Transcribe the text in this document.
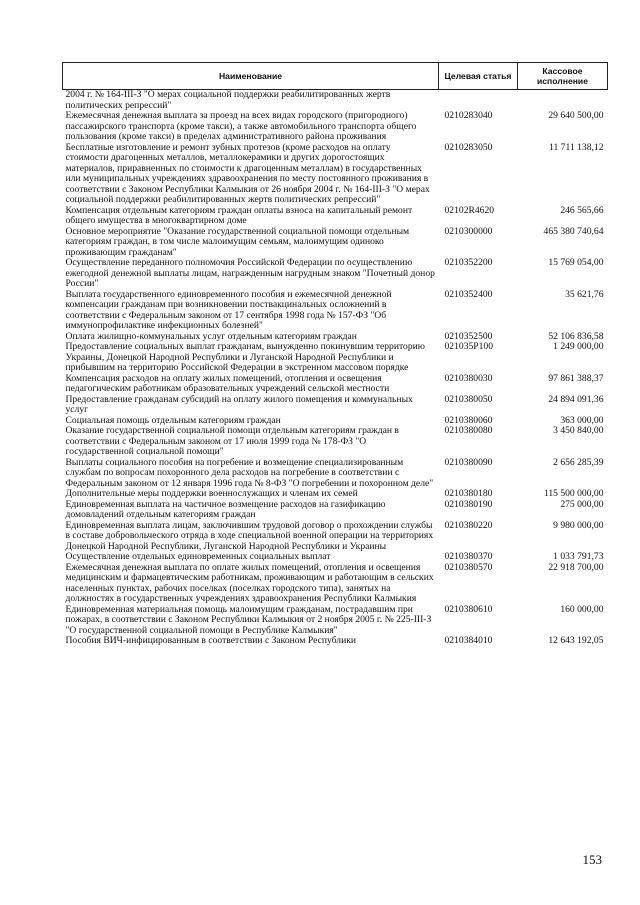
Наименование	Целевая статья	Кассовое исполнение
2004 г. № 164-III-З "О мерах социальной поддержки реабилитированных жертв политических репрессий"		
Ежемесячная денежная выплата за проезд на всех видах городского (пригородного) пассажирского транспорта (кроме такси), а также автомобильного транспорта общего пользования (кроме такси) в пределах административного района проживания	0210283040	29 640 500,00
Бесплатные изготовление и ремонт зубных протезов (кроме расходов на оплату стоимости драгоценных металлов, металлокерамики и других дорогостоящих материалов, приравненных по стоимости к драгоценным металлам) в государственных или муниципальных учреждениях здравоохранения по месту постоянного проживания в соответствии с Законом Республики Калмыкия от 26 ноября 2004 г. № 164-III-З "О мерах социальной поддержки реабилитированных жертв политических репрессий"	0210283050	11 711 138,12
Компенсация отдельным категориям граждан оплаты взноса на капитальный ремонт общего имущества в многоквартирном доме	02102R4620	246 565,66
Основное мероприятие "Оказание государственной социальной помощи отдельным категориям граждан, в том числе малоимущим семьям, малоимущим одиноко проживающим гражданам"	0210300000	465 380 740,64
Осуществление переданного полномочия Российской Федерации по осуществлению ежегодной денежной выплаты лицам, награжденным нагрудным знаком "Почетный донор России"	0210352200	15 769 054,00
Выплата государственного единовременного пособия и ежемесячной денежной компенсации гражданам при возникновении поствакцинальных осложнений в соответствии с Федеральным законом от 17 сентября 1998 года № 157-ФЗ "Об иммунопрофилактике инфекционных болезней"	0210352400	35 621,76
Оплата жилищно-коммунальных услуг отдельным категориям граждан	0210352500	52 106 836,58
Предоставление социальных выплат гражданам, вынужденно покинувшим территорию Украины, Донецкой Народной Республики и Луганской Народной Республики и прибывшим на территорию Российской Федерации в экстренном массовом порядке	021035P100	1 249 000,00
Компенсация расходов на оплату жилых помещений, отопления и освещения педагогическим работникам образовательных учреждений сельской местности	0210380030	97 861 388,37
Предоставление гражданам субсидий на оплату жилого помещения и коммунальных услуг	0210380050	24 894 091,36
Социальная помощь отдельным категориям граждан	0210380060	363 000,00
Оказание государственной социальной помощи отдельным категориям граждан в соответствии с Федеральным законом от 17 июля 1999 года № 178-ФЗ "О государственной социальной помощи"	0210380080	3 450 840,00
Выплаты социального пособия на погребение и возмещение специализированным службам по вопросам похоронного дела расходов на погребение в соответствии с Федеральным законом от 12 января 1996 года № 8-ФЗ "О погребении и похоронном деле"	0210380090	2 656 285,39
Дополнительные меры поддержки военнослужащих и членам их семей	0210380180	115 500 000,00
Единовременная выплата на частичное возмещение расходов на газификацию домовладений отдельным категориям граждан	0210380190	275 000,00
Единовременная выплата лицам, заключившим трудовой договор о прохождении службы в составе добровольческого отряда в ходе специальной военной операции на территориях Донецкой Народной Республики, Луганской Народной Республики и Украины	0210380220	9 980 000,00
Осуществление отдельных единовременных социальных выплат	0210380370	1 033 791,73
Ежемесячная денежная выплата по оплате жилых помещений, отопления и освещения медицинским и фармацевтическим работникам, проживающим и работающим в сельских населенных пунктах, рабочих поселках (поселках городского типа), занятых на должностях в государственных учреждениях здравоохранения Республики Калмыкия	0210380570	22 918 700,00
Единовременная материальная помощь малоимущим гражданам, пострадавшим при пожарах, в соответствии с Законом Республики Калмыкия от 2 ноября 2005 г. № 225-III-З "О государственной социальной помощи в Республике Калмыкия"	0210380610	160 000,00
Пособия ВИЧ-инфицированным в соответствии с Законом Республики	0210384010	12 643 192,05
153
